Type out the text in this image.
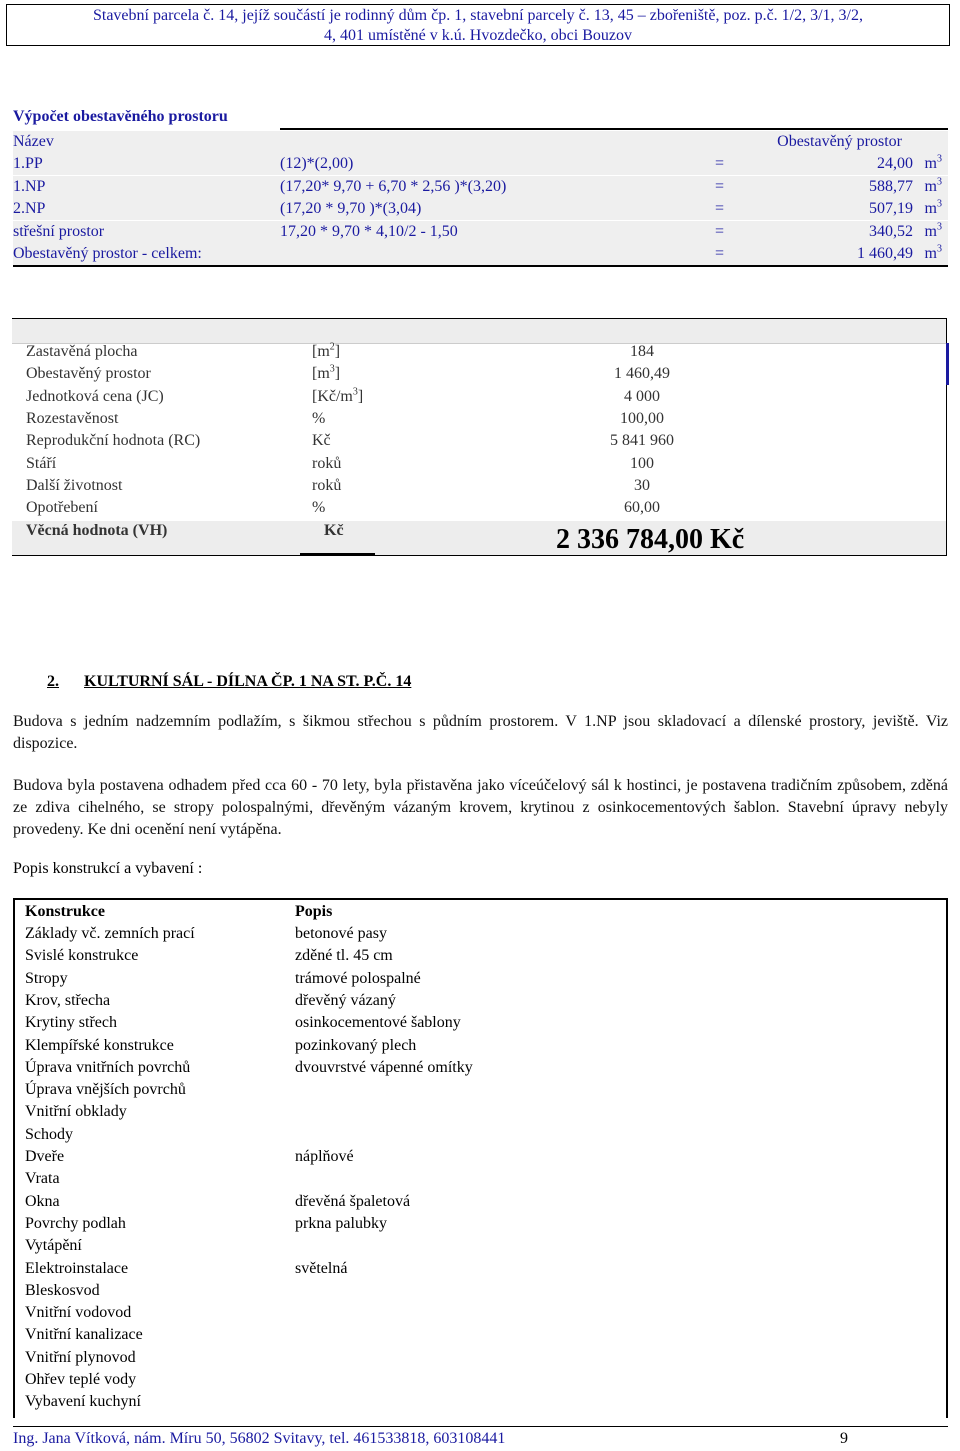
Stavební parcela č. 14, jejíž součástí je rodinný dům čp. 1, stavební parcely č. 13, 45 – zbořeniště, poz. p.č. 1/2, 3/1, 3/2,
4, 401 umístěné v k.ú. Hvozdečko, obci Bouzov
Výpočet obestavěného prostoru
Název	Obestavěný prostor
1.PP	(12)*(2,00)	=	24,00 $m^3$
1.NP	(17,20* 9,70 + 6,70 * 2,56 )*(3,20)	=	588,77 $m^3$
2.NP	(17,20 * 9,70 )*(3,04)	=	507,19 $m^3$
střešní prostor	17,20 * 9,70 * 4,10/2 - 1,50	=	340,52 $m^3$
Obestavěný prostor - celkem:	=	1 460,49 $m^3$
Zastavěná plocha	$[m^2]$	184
Obestavěný prostor	$[m^3]$	1 460,49
Jednotková cena (JC)	$[Kč/m^3]$	4 000
Rozestavěnost	%	100,00
Reprodukční hodnota (RC)	Kč	5 841 960
Stáří	roků	100
Další životnost	roků	30
Opotřebení	%	60,00
Věcná hodnota (VH)	Kč	2 336 784,00 Kč
2. KULTURNÍ SÁL - DÍLNA ČP. 1 NA ST. P.Č. 14
Budova s jedním nadzemním podlažím, s šikmou střechou s půdním prostorem. V 1.NP jsou skladovací a dílenské prostory, jeviště. Viz dispozice.
Budova byla postavena odhadem před cca 60 - 70 lety, byla přistavěna jako víceúčelový sál k hostinci, je postavena tradičním způsobem, zděná ze zdiva cihelného, se stropy polospalnými, dřevěným vázaným krovem, krytinou z osinkocementových šablon. Stavební úpravy nebyly provedeny. Ke dni ocenění není vytápěna.
Popis konstrukcí a vybavení :
Konstrukce	Popis
Základy vč. zemních prací	betonové pasy
Svislé konstrukce	zděné tl. 45 cm
Stropy	trámové polospalné
Krov, střecha	dřevěný vázaný
Krytiny střech	osinkocementové šablony
Klempířské konstrukce	pozinkovaný plech
Úprava vnitřních povrchů	dvouvrstvé vápenné omítky
Úprava vnějších povrchů
Vnitřní obklady
Schody
Dveře	náplňové
Vrata
Okna	dřevěná špaletová
Povrchy podlah	prkna palubky
Vytápění
Elektroinstalace	světelná
Bleskosvod
Vnitřní vodovod
Vnitřní kanalizace
Vnitřní plynovod
Ohřev teplé vody
Vybavení kuchyní
Ing. Jana Vítková, nám. Míru 50, 56802 Svitavy, tel. 461533818, 603108441	9
